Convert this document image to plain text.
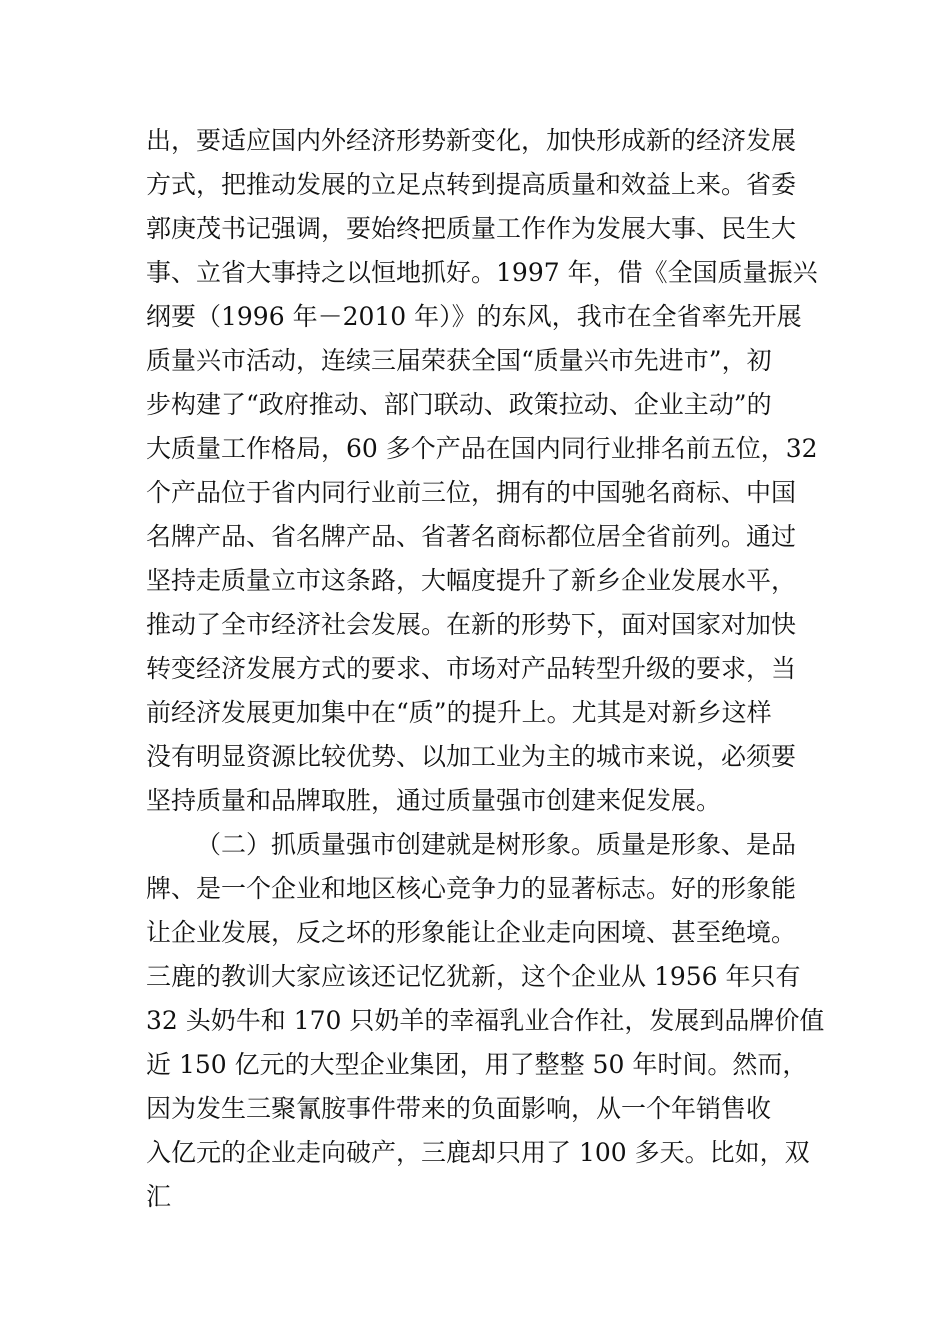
出，要适应国内外经济形势新变化，加快形成新的经济发展
方式，把推动发展的立足点转到提高质量和效益上来。省委
郭庚茂书记强调，要始终把质量工作作为发展大事、民生大
事、立省大事持之以恒地抓好。1997 年，借《全国质量振兴
纲要（1996 年－2010 年）》的东风，我市在全省率先开展
质量兴市活动，连续三届荣获全国“质量兴市先进市”，初
步构建了“政府推动、部门联动、政策拉动、企业主动”的
大质量工作格局，60 多个产品在国内同行业排名前五位，32
个产品位于省内同行业前三位，拥有的中国驰名商标、中国
名牌产品、省名牌产品、省著名商标都位居全省前列。通过
坚持走质量立市这条路，大幅度提升了新乡企业发展水平，
推动了全市经济社会发展。在新的形势下，面对国家对加快
转变经济发展方式的要求、市场对产品转型升级的要求，当
前经济发展更加集中在“质”的提升上。尤其是对新乡这样
没有明显资源比较优势、以加工业为主的城市来说，必须要
坚持质量和品牌取胜，通过质量强市创建来促发展。
（二）抓质量强市创建就是树形象。质量是形象、是品
牌、是一个企业和地区核心竞争力的显著标志。好的形象能
让企业发展，反之坏的形象能让企业走向困境、甚至绝境。
三鹿的教训大家应该还记忆犹新，这个企业从 1956 年只有
32 头奶牛和 170 只奶羊的幸福乳业合作社，发展到品牌价值
近 150 亿元的大型企业集团，用了整整 50 年时间。然而，
因为发生三聚氰胺事件带来的负面影响，从一个年销售收
入亿元的企业走向破产，三鹿却只用了 100 多天。比如，双
汇
